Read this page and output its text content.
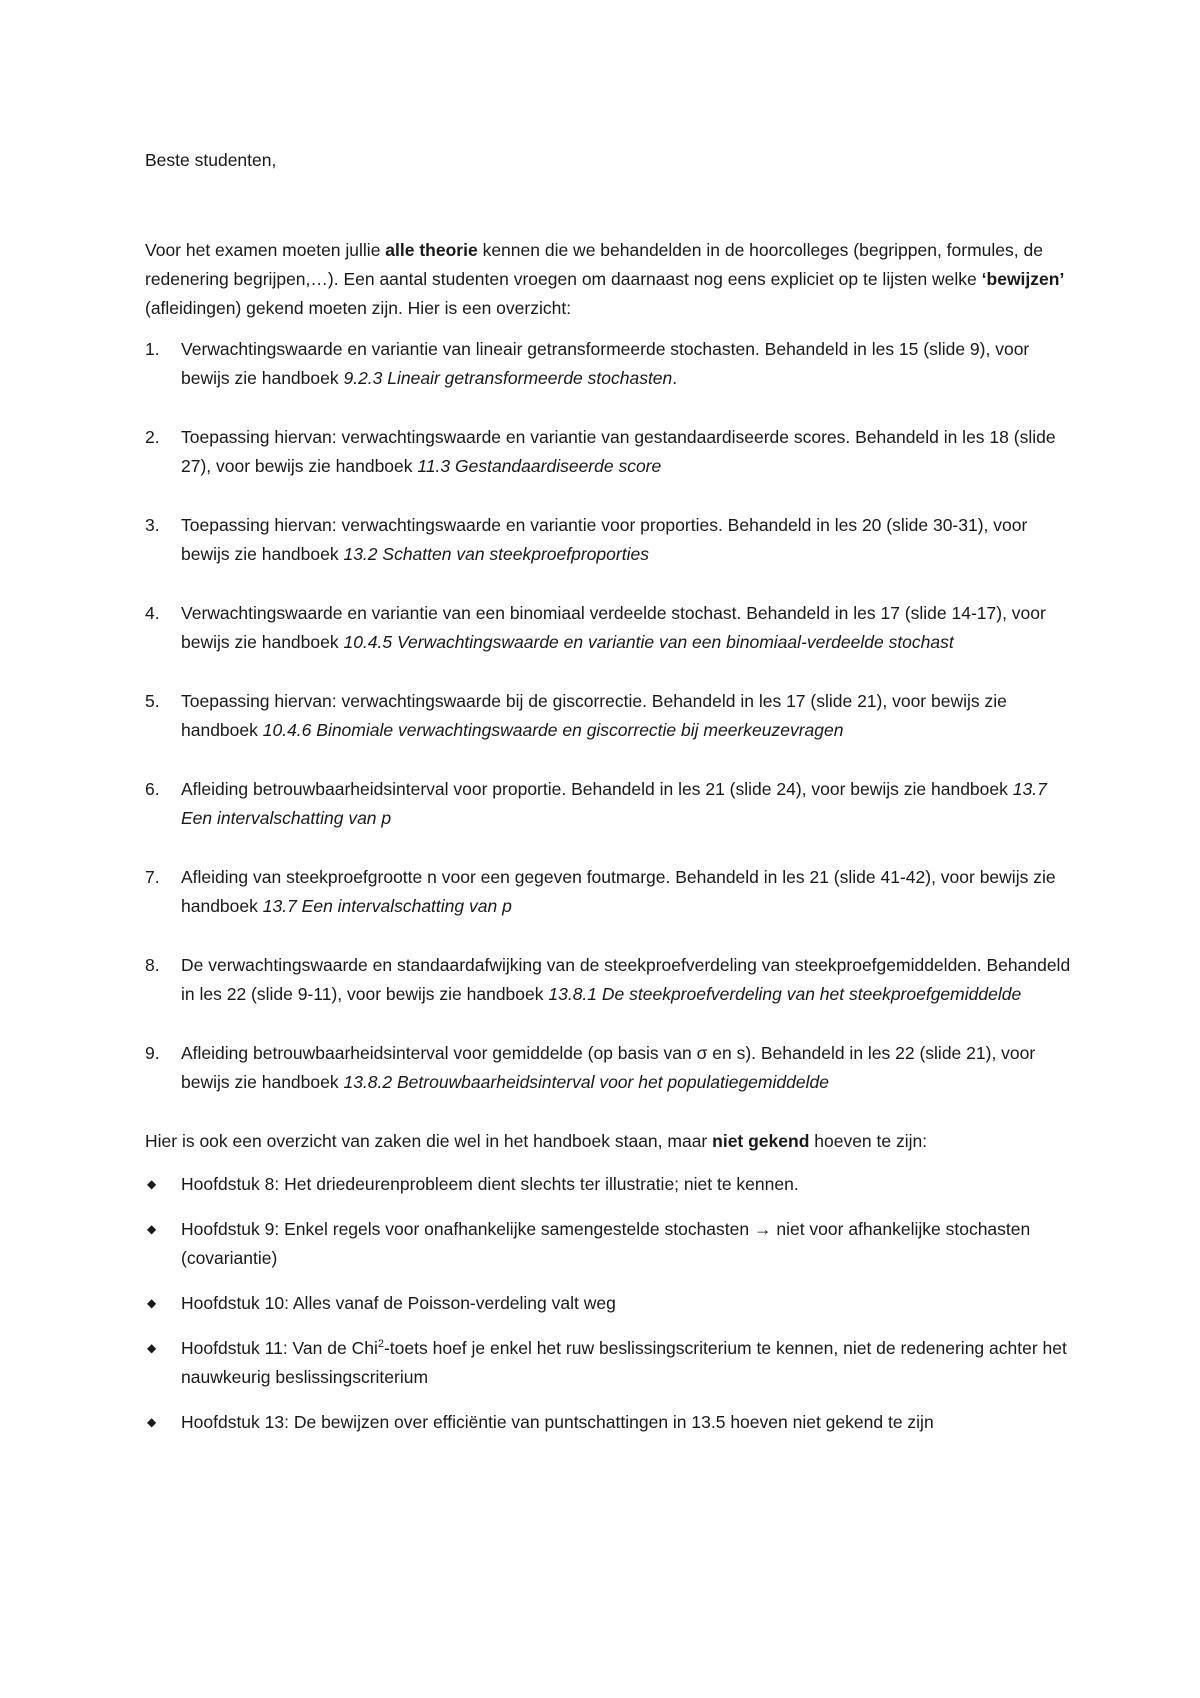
Beste studenten,

Voor het examen moeten jullie alle theorie kennen die we behandelden in de hoorcolleges (begrippen, formules, de redenering begrijpen,…). Een aantal studenten vroegen om daarnaast nog eens expliciet op te lijsten welke ‘bewijzen’ (afleidingen) gekend moeten zijn. Hier is een overzicht:

1. Verwachtingswaarde en variantie van lineair getransformeerde stochasten. Behandeld in les 15 (slide 9), voor bewijs zie handboek 9.2.3 Lineair getransformeerde stochasten.
2. Toepassing hiervan: verwachtingswaarde en variantie van gestandaardiseerde scores. Behandeld in les 18 (slide 27), voor bewijs zie handboek 11.3 Gestandaardiseerde score
3. Toepassing hiervan: verwachtingswaarde en variantie voor proporties. Behandeld in les 20 (slide 30-31), voor bewijs zie handboek 13.2 Schatten van steekproefproporties
4. Verwachtingswaarde en variantie van een binomiaal verdeelde stochast. Behandeld in les 17 (slide 14-17), voor bewijs zie handboek 10.4.5 Verwachtingswaarde en variantie van een binomiaal-verdeelde stochast
5. Toepassing hiervan: verwachtingswaarde bij de giscorrectie. Behandeld in les 17 (slide 21), voor bewijs zie handboek 10.4.6 Binomiale verwachtingswaarde en giscorrectie bij meerkeuzevragen
6. Afleiding betrouwbaarheidsinterval voor proportie. Behandeld in les 21 (slide 24), voor bewijs zie handboek 13.7 Een intervalschatting van p
7. Afleiding van steekproefgrootte n voor een gegeven foutmarge. Behandeld in les 21 (slide 41-42), voor bewijs zie handboek 13.7 Een intervalschatting van p
8. De verwachtingswaarde en standaardafwijking van de steekproefverdeling van steekproefgemiddelden. Behandeld in les 22 (slide 9-11), voor bewijs zie handboek 13.8.1 De steekproefverdeling van het steekproefgemiddelde
9. Afleiding betrouwbaarheidsinterval voor gemiddelde (op basis van σ en s). Behandeld in les 22 (slide 21), voor bewijs zie handboek 13.8.2 Betrouwbaarheidsinterval voor het populatiegemiddelde

Hier is ook een overzicht van zaken die wel in het handboek staan, maar niet gekend hoeven te zijn:

◆ Hoofdstuk 8: Het driedeurenprobleem dient slechts ter illustratie; niet te kennen.
◆ Hoofdstuk 9: Enkel regels voor onafhankelijke samengestelde stochasten → niet voor afhankelijke stochasten (covariantie)
◆ Hoofdstuk 10: Alles vanaf de Poisson-verdeling valt weg
◆ Hoofdstuk 11: Van de Chi$^2$-toets hoef je enkel het ruw beslissingscriterium te kennen, niet de redenering achter het nauwkeurig beslissingscriterium
◆ Hoofdstuk 13: De bewijzen over efficiëntie van puntschattingen in 13.5 hoeven niet gekend te zijn
